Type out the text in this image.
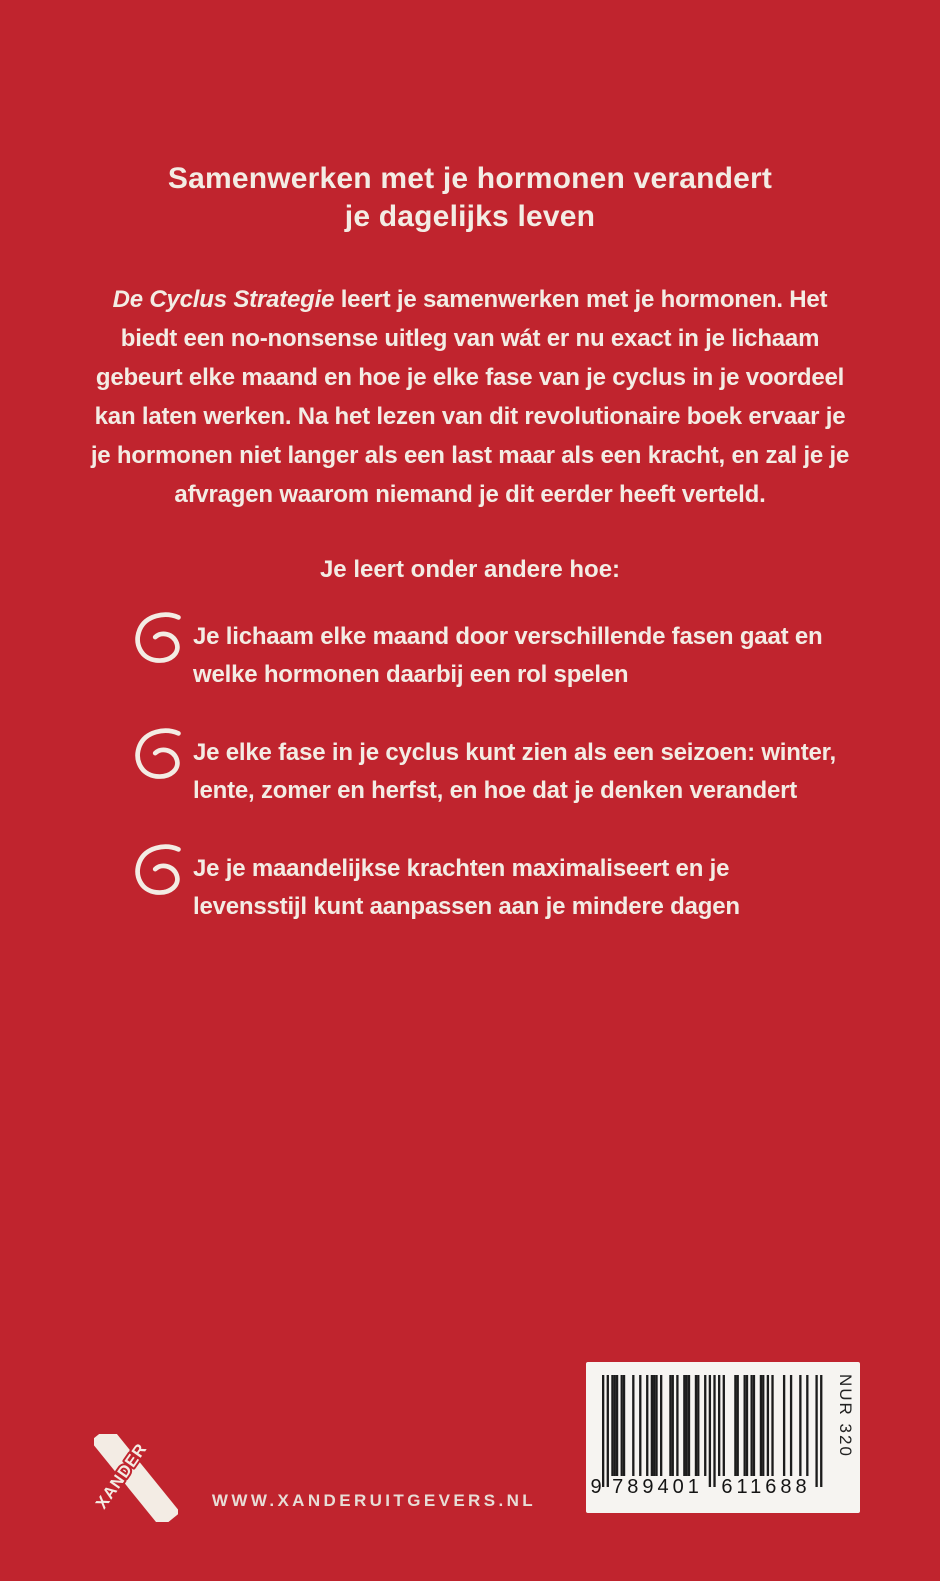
Samenwerken met je hormonen verandert
je dagelijks leven

De Cyclus Strategie leert je samenwerken met je hormonen. Het biedt een no-nonsense uitleg van wát er nu exact in je lichaam gebeurt elke maand en hoe je elke fase van je cyclus in je voordeel kan laten werken. Na het lezen van dit revolutionaire boek ervaar je je hormonen niet langer als een last maar als een kracht, en zal je je afvragen waarom niemand je dit eerder heeft verteld.

Je leert onder andere hoe:
Je lichaam elke maand door verschillende fasen gaat en welke hormonen daarbij een rol spelen
Je elke fase in je cyclus kunt zien als een seizoen: winter, lente, zomer en herfst, en hoe dat je denken verandert
Je je maandelijkse krachten maximaliseert en je levensstijl kunt aanpassen aan je mindere dagen
XANDER	WWW.XANDERUITGEVERS.NL
9 789401 611688
NUR 320
